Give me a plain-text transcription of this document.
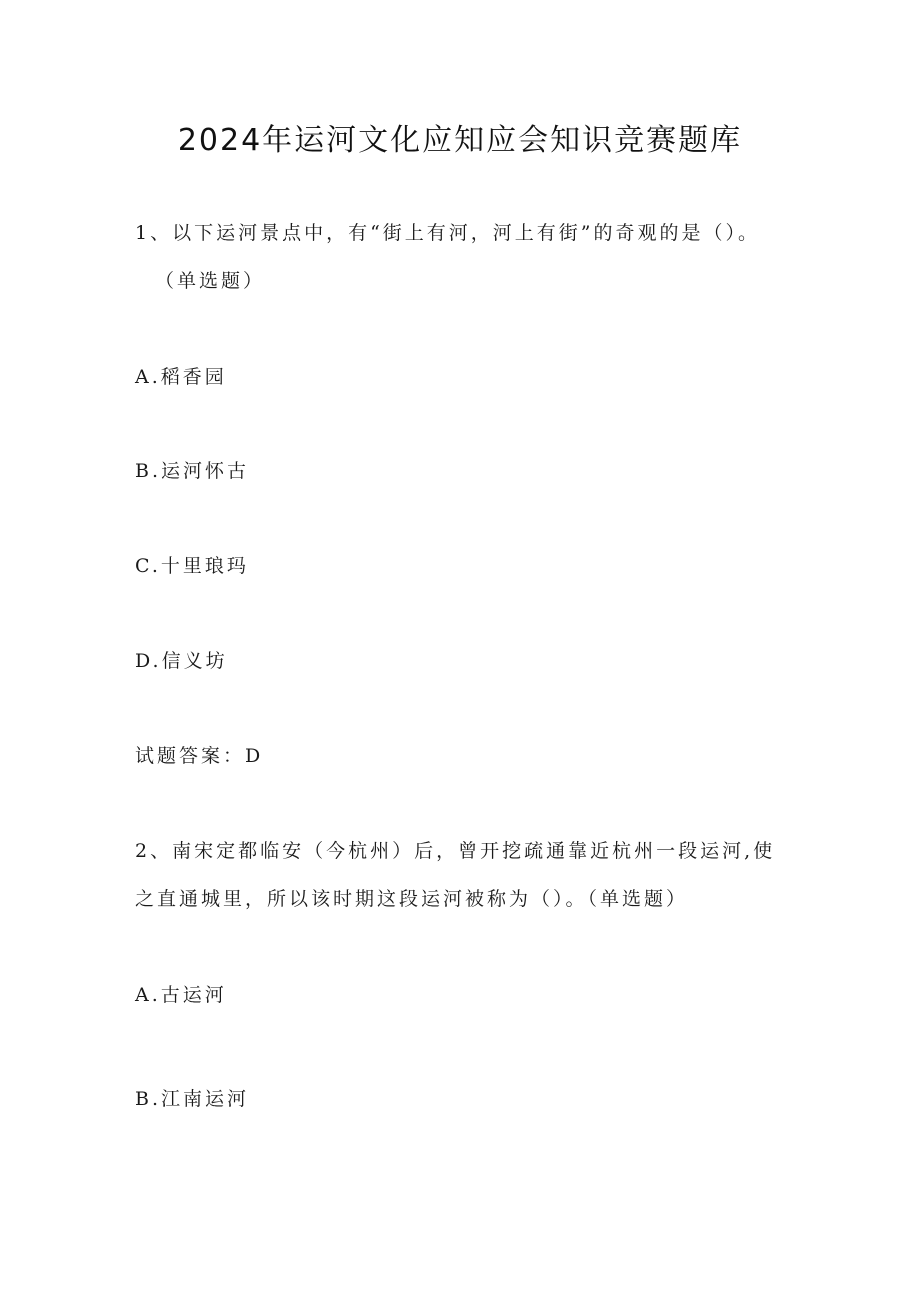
2024年运河文化应知应会知识竞赛题库
1、以下运河景点中，有“街上有河，河上有街”的奇观的是（）。
（单选题）
A.稻香园
B.运河怀古
C.十里琅玛
D.信义坊
试题答案：D
2、南宋定都临安（今杭州）后，曾开挖疏通靠近杭州一段运河,使
之直通城里，所以该时期这段运河被称为（）。（单选题）
A.古运河
B.江南运河
